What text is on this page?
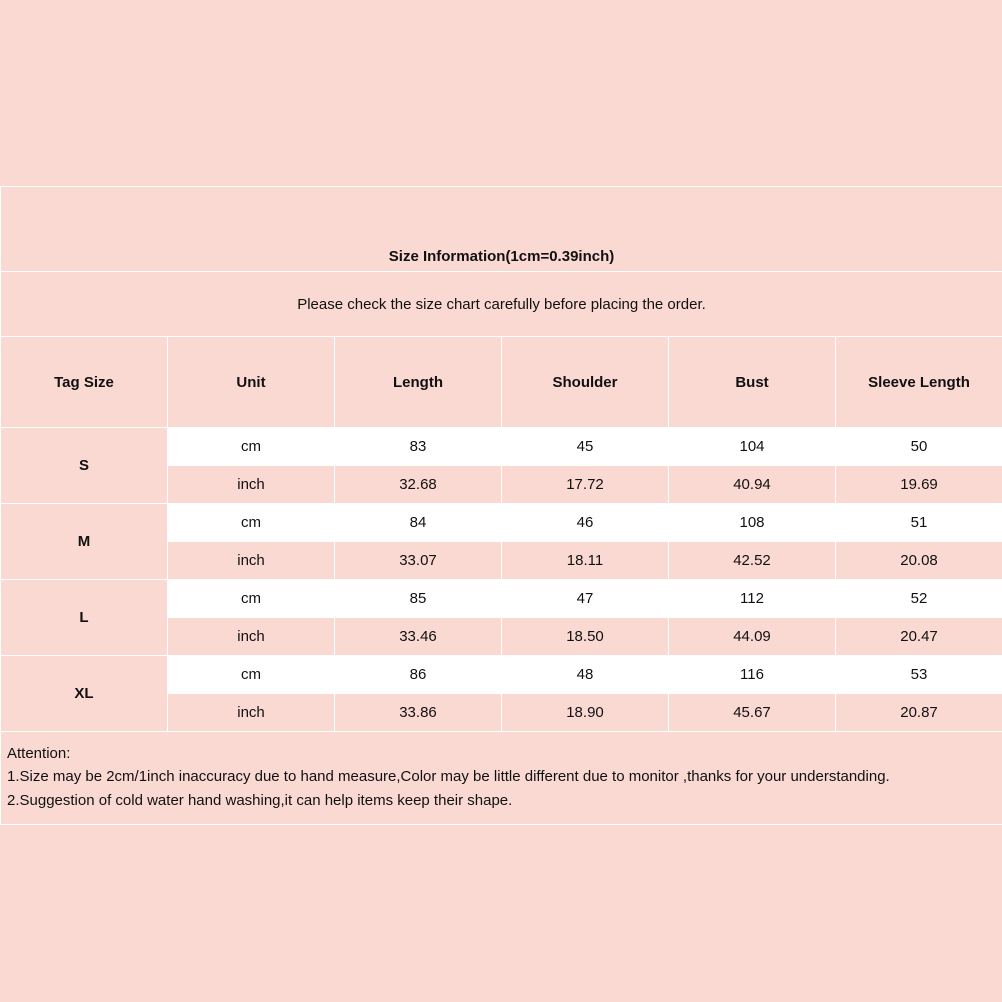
Size Information(1cm=0.39inch)					
Please check the size chart carefully before placing the order.					
Tag Size	Unit	Length	Shoulder	Bust	Sleeve Length
S	cm	83	45	104	50
	inch	32.68	17.72	40.94	19.69
M	cm	84	46	108	51
	inch	33.07	18.11	42.52	20.08
L	cm	85	47	112	52
	inch	33.46	18.50	44.09	20.47
XL	cm	86	48	116	53
	inch	33.86	18.90	45.67	20.87

Attention:
1.Size may be 2cm/1inch inaccuracy due to hand measure,Color may be little different due to monitor ,thanks for your understanding.
2.Suggestion of cold water hand washing,it can help items keep their shape.					
